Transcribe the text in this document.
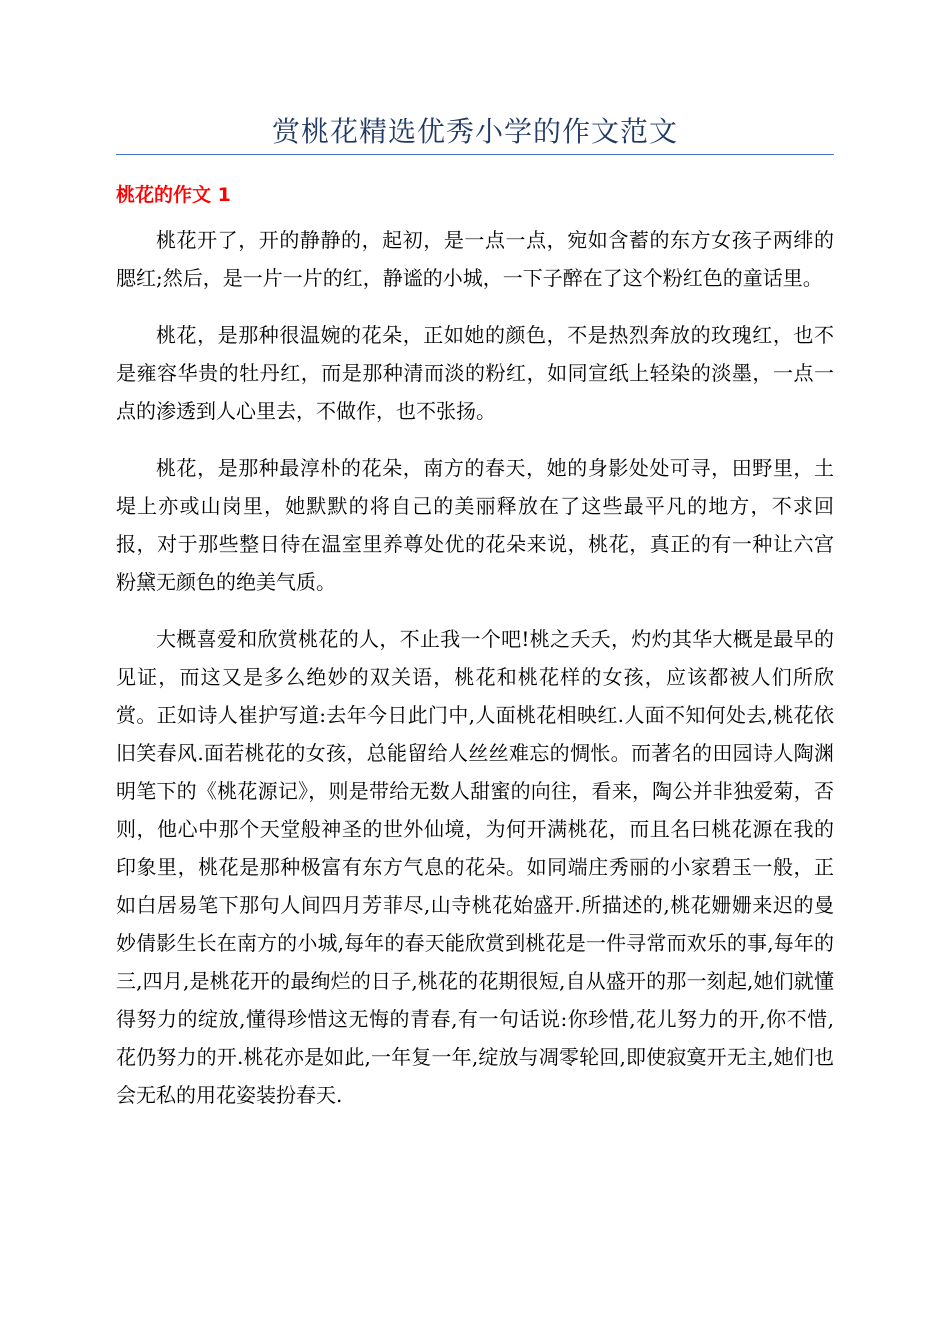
赏桃花精选优秀小学的作文范文
桃花的作文 1

桃花开了，开的静静的，起初，是一点一点，宛如含蓄的东方女孩子两绯的腮红;然后，是一片一片的红，静谧的小城，一下子醉在了这个粉红色的童话里。

桃花，是那种很温婉的花朵，正如她的颜色，不是热烈奔放的玫瑰红，也不是雍容华贵的牡丹红，而是那种清而淡的粉红，如同宣纸上轻染的淡墨，一点一点的渗透到人心里去，不做作，也不张扬。

桃花，是那种最淳朴的花朵，南方的春天，她的身影处处可寻，田野里，土堤上亦或山岗里，她默默的将自己的美丽释放在了这些最平凡的地方，不求回报，对于那些整日待在温室里养尊处优的花朵来说，桃花，真正的有一种让六宫粉黛无颜色的绝美气质。

大概喜爱和欣赏桃花的人，不止我一个吧!桃之夭夭，灼灼其华大概是最早的见证，而这又是多么绝妙的双关语，桃花和桃花样的女孩，应该都被人们所欣赏。正如诗人崔护写道:去年今日此门中,人面桃花相映红.人面不知何处去,桃花依旧笑春风.面若桃花的女孩，总能留给人丝丝难忘的惆怅。而著名的田园诗人陶渊明笔下的《桃花源记》，则是带给无数人甜蜜的向往，看来，陶公并非独爱菊，否则，他心中那个天堂般神圣的世外仙境，为何开满桃花，而且名曰桃花源在我的印象里，桃花是那种极富有东方气息的花朵。如同端庄秀丽的小家碧玉一般，正如白居易笔下那句人间四月芳菲尽,山寺桃花始盛开.所描述的,桃花姗姗来迟的曼妙倩影生长在南方的小城,每年的春天能欣赏到桃花是一件寻常而欢乐的事,每年的三,四月,是桃花开的最绚烂的日子,桃花的花期很短,自从盛开的那一刻起,她们就懂得努力的绽放,懂得珍惜这无悔的青春,有一句话说:你珍惜,花儿努力的开,你不惜,花仍努力的开.桃花亦是如此,一年复一年,绽放与凋零轮回,即使寂寞开无主,她们也会无私的用花姿装扮春天.
